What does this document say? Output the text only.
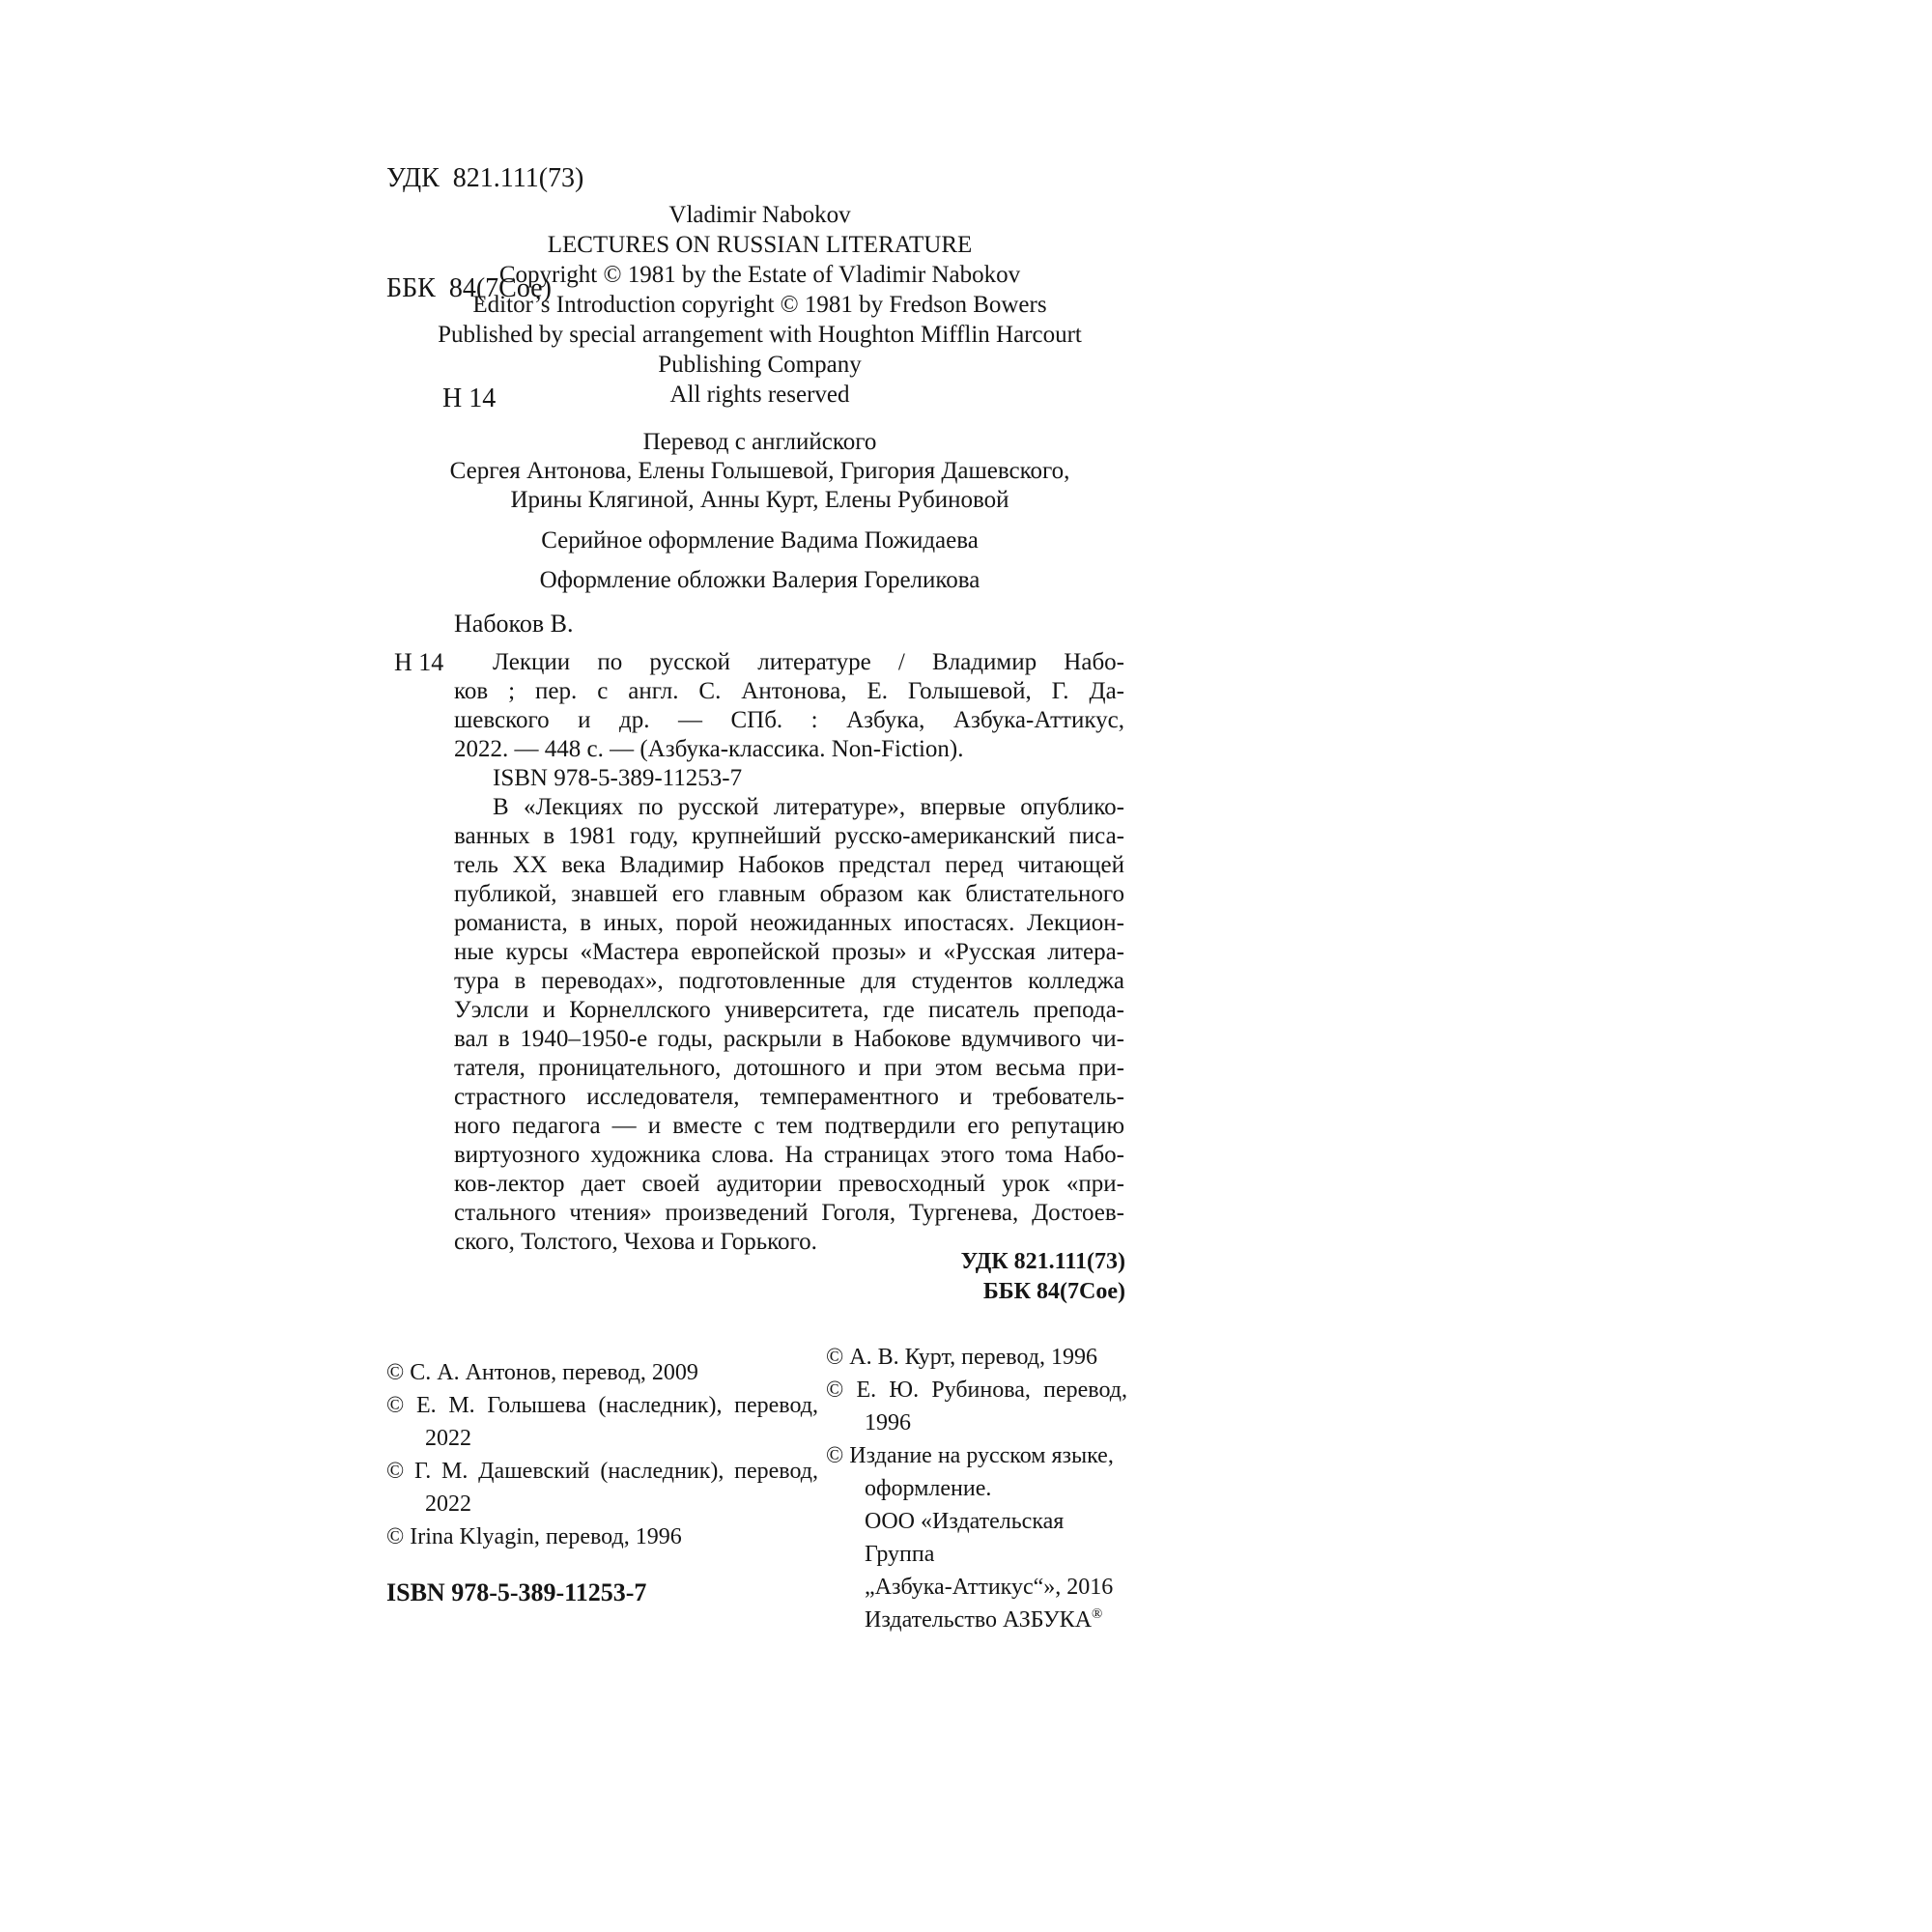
УДК  821.111(73)

ББК  84(7Сое)

Н 14

Vladimir Nabokov
LECTURES ON RUSSIAN LITERATURE
Copyright © 1981 by the Estate of Vladimir Nabokov
Editor’s Introduction copyright © 1981 by Fredson Bowers
Published by special arrangement with Houghton Mifflin Harcourt
Publishing Company
All rights reserved
Перевод с английского
Сергея Антонова, Елены Голышевой, Григория Дашевского,
Ирины Клягиной, Анны Курт, Елены Рубиновой
Серийное оформление Вадима Пожидаева
Оформление обложки Валерия Гореликова
Набоков В.
Н 14	Лекции по русской литературе / Владимир Набо-
ков ; пер. с англ. С. Антонова, Е. Голышевой, Г. Да-
шевского и др. — СПб. : Азбука, Азбука-Аттикус,
2022. — 448 с. — (Азбука-классика. Non-Fiction).
ISBN 978-5-389-11253-7
В «Лекциях по русской литературе», впервые опублико-
ванных в 1981 году, крупнейший русско-американский писа-
тель XX века Владимир Набоков предстал перед читающей
публикой, знавшей его главным образом как блистательного
романиста, в иных, порой неожиданных ипостасях. Лекцион-
ные курсы «Мастера европейской прозы» и «Русская литера-
тура в переводах», подготовленные для студентов колледжа
Уэлсли и Корнеллского университета, где писатель препода-
вал в 1940–1950-е годы, раскрыли в Набокове вдумчивого чи-
тателя, проницательного, дотошного и при этом весьма при-
страстного исследователя, темпераментного и требователь-
ного педагога — и вместе с тем подтвердили его репутацию
виртуозного художника слова. На страницах этого тома Набо-
ков-лектор дает своей аудитории превосходный урок «при-
стального чтения» произведений Гоголя, Тургенева, Достоев-
ского, Толстого, Чехова и Горького.
УДК 821.111(73)
ББК 84(7Сое)
© С. А. Антонов, перевод, 2009
© Е. М. Голышева (наследник), перевод,
2022
© Г. М. Дашевский (наследник), перевод,
2022
© Irina Klyagin, перевод, 1996
ISBN 978-5-389-11253-7
© А. В. Курт, перевод, 1996
© Е. Ю. Рубинова, перевод,
1996
© Издание на русском языке,
оформление.
ООО «Издательская Группа
„Азбука-Аттикус“», 2016
Издательство АЗБУКА®
